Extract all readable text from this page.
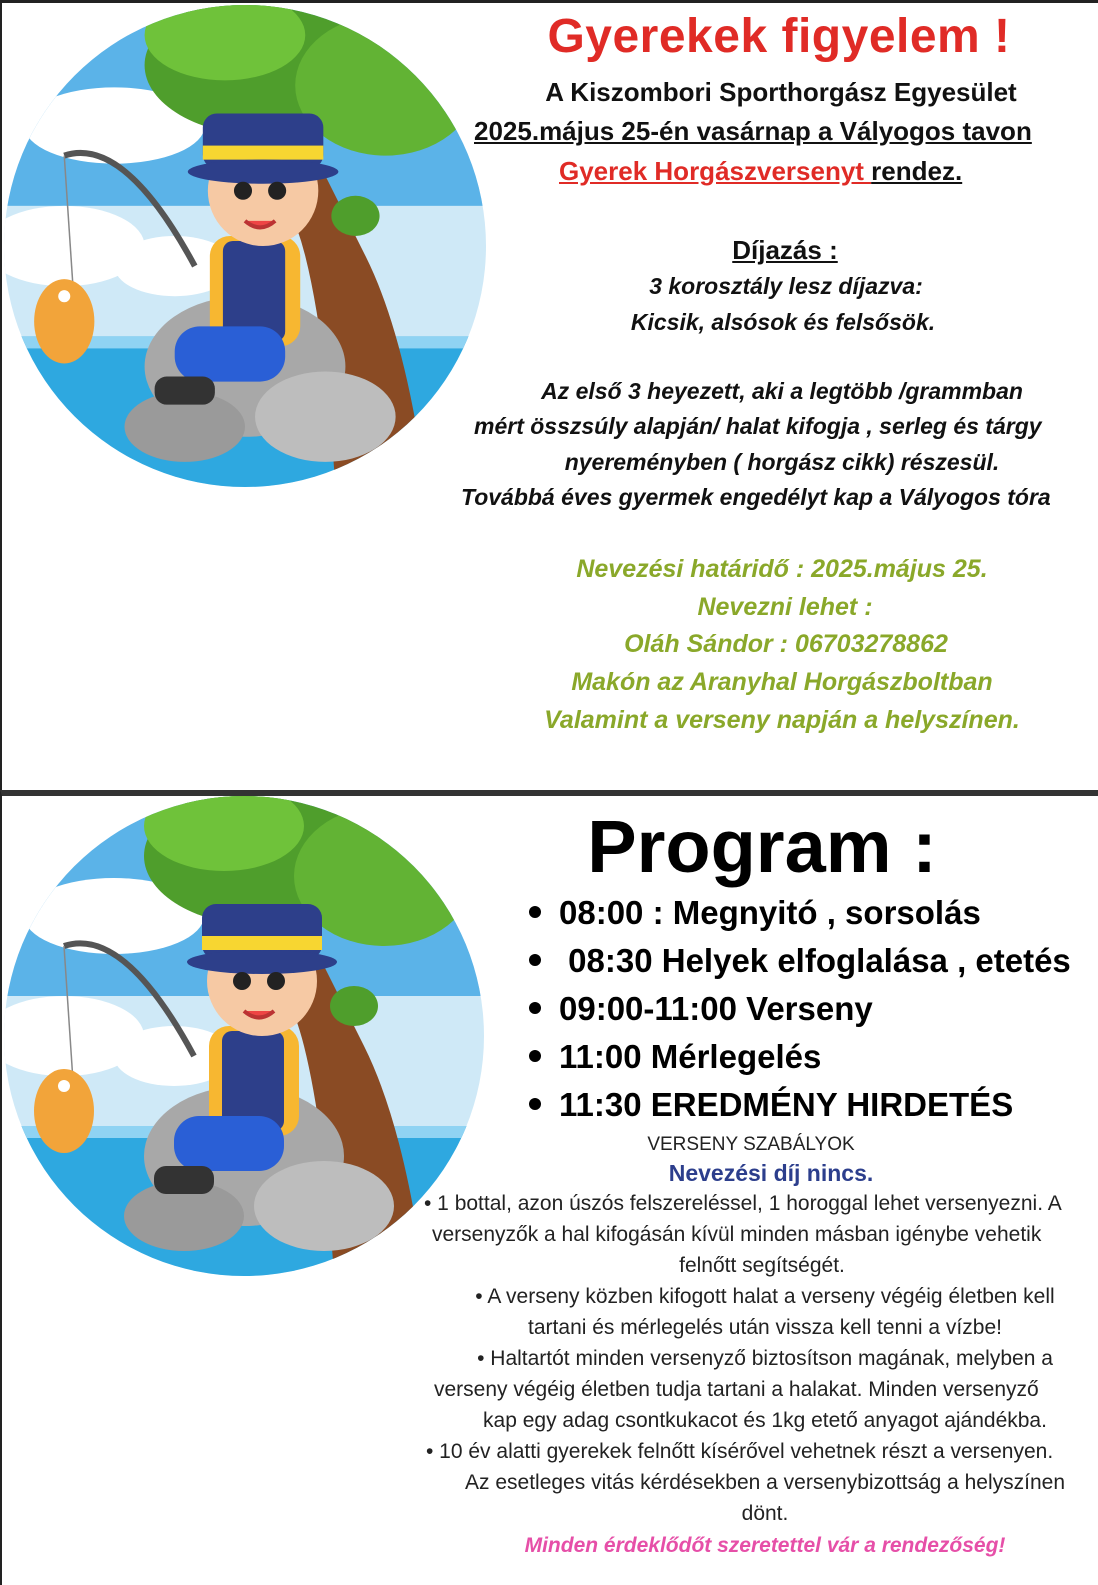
Gyerekek figyelem !
A Kiszombori Sporthorgász Egyesület
2025.május 25-én vasárnap a Vályogos tavon
Gyerek Horgászversenyt rendez.
Díjazás :
3 korosztály lesz díjazva:
Kicsik, alsósok és felsősök.
Az első 3 heyezett, aki a legtöbb /grammban
mért összsúly alapján/ halat kifogja , serleg és tárgy
nyereményben ( horgász cikk) részesül.
Továbbá éves gyermek engedélyt kap a Vályogos tóra
Nevezési határidő : 2025.május 25.
Nevezni lehet :
Oláh Sándor : 06703278862
Makón az Aranyhal Horgászboltban
Valamint a verseny napján a helyszínen.
Program :
08:00 : Megnyitó , sorsolás
08:30 Helyek elfoglalása , etetés
09:00-11:00 Verseny
11:00 Mérlegelés
11:30 EREDMÉNY HIRDETÉS
VERSENY SZABÁLYOK
Nevezési díj nincs.
• 1 bottal, azon úszós felszereléssel, 1 horoggal lehet versenyezni. A
versenyzők a hal kifogásán kívül minden másban igénybe vehetik
felnőtt segítségét.
• A verseny közben kifogott halat a verseny végéig életben kell
tartani és mérlegelés után vissza kell tenni a vízbe!
• Haltartót minden versenyző biztosítson magának, melyben a
verseny végéig életben tudja tartani a halakat. Minden versenyző
kap egy adag csontkukacot és 1kg etető anyagot ajándékba.
• 10 év alatti gyerekek felnőtt kísérővel vehetnek részt a versenyen.
Az esetleges vitás kérdésekben a versenybizottság a helyszínen
dönt.
Minden érdeklődőt szeretettel vár a rendezőség!
